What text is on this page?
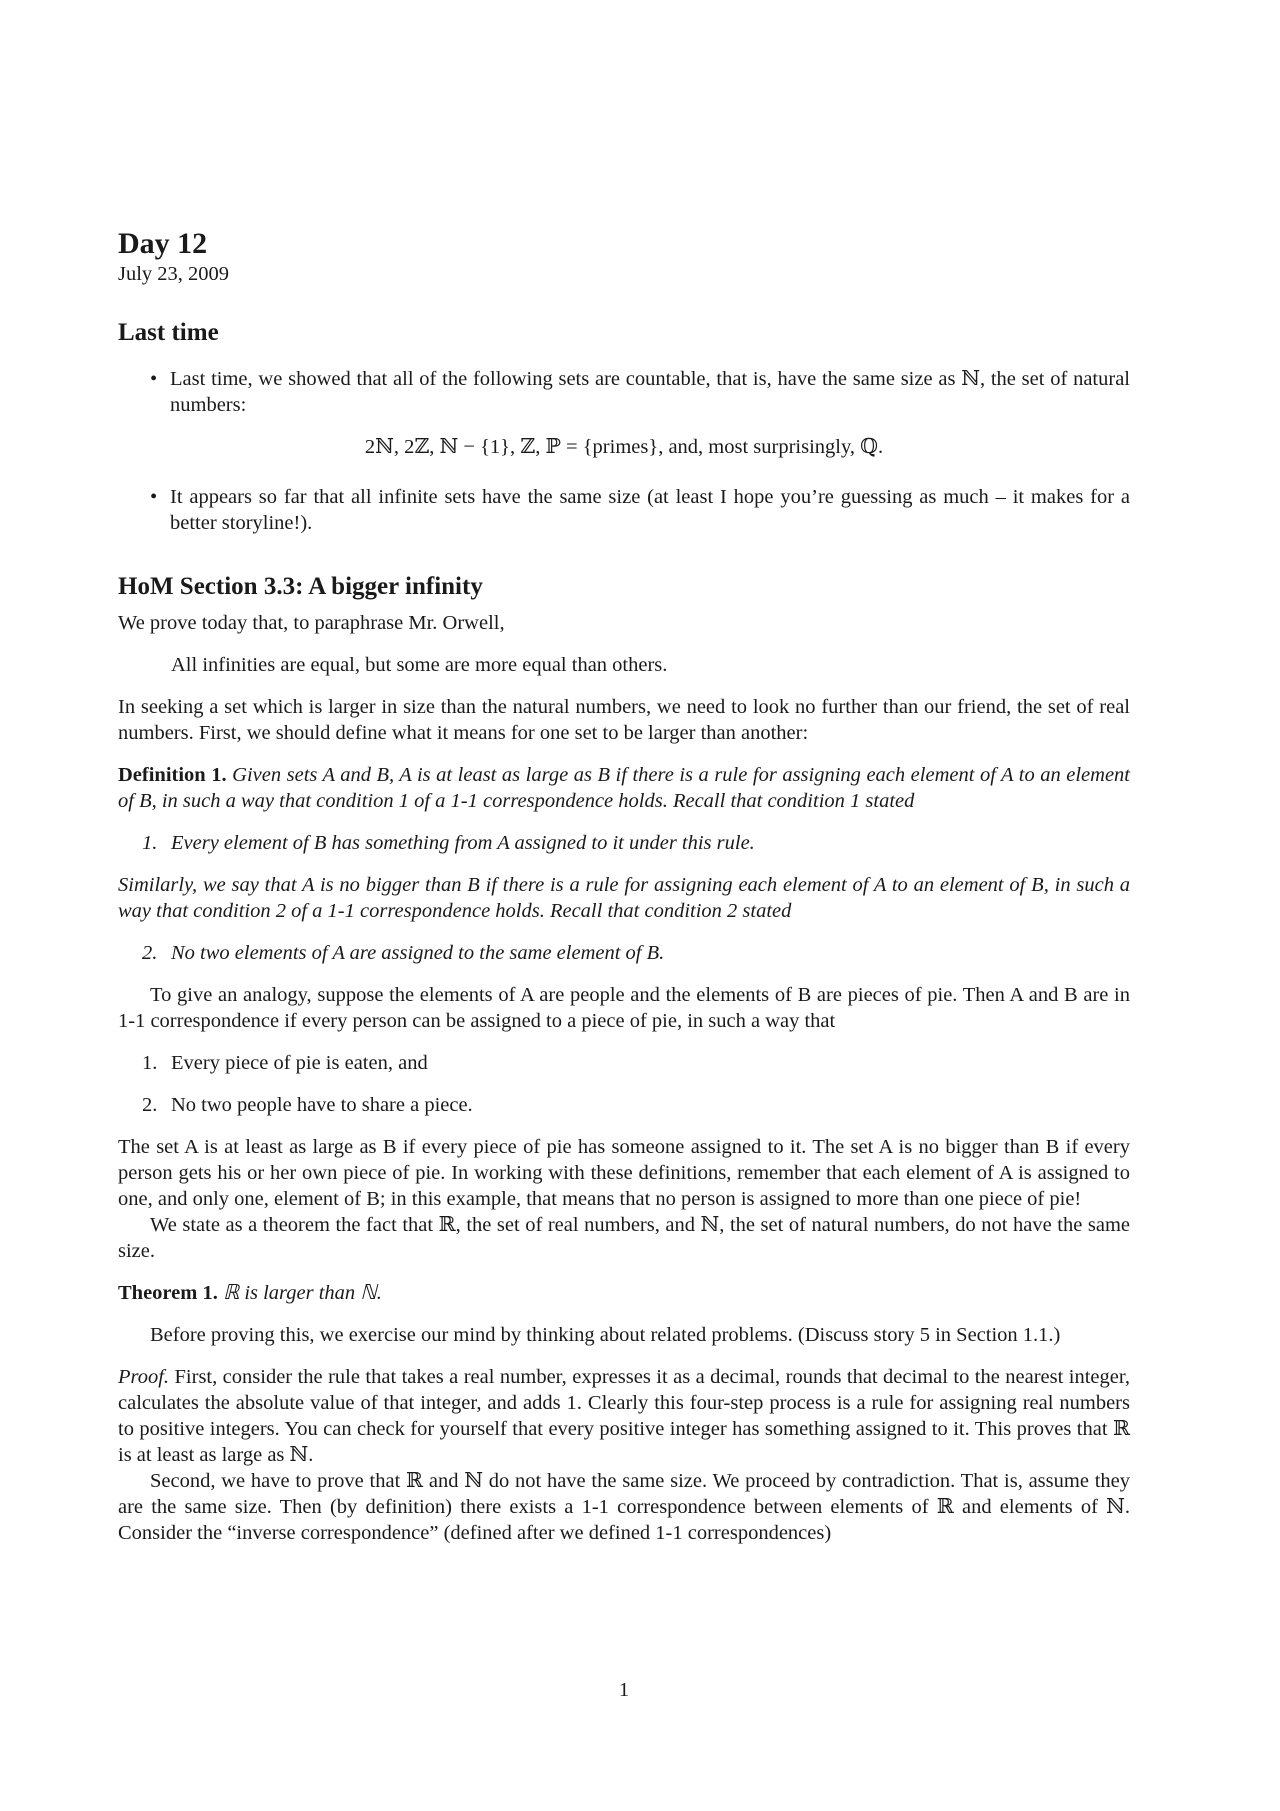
Day 12

July 23, 2009

Last time
• Last time, we showed that all of the following sets are countable, that is, have the same size as ℕ, the set of natural numbers:

2ℕ, 2ℤ, ℕ − {1}, ℤ, ℙ = {primes}, and, most surprisingly, ℚ.

• It appears so far that all infinite sets have the same size (at least I hope you’re guessing as much – it makes for a better storyline!).
HoM Section 3.3: A bigger infinity

We prove today that, to paraphrase Mr. Orwell,

All infinities are equal, but some are more equal than others.

In seeking a set which is larger in size than the natural numbers, we need to look no further than our friend, the set of real numbers. First, we should define what it means for one set to be larger than another:

Definition 1. Given sets A and B, A is at least as large as B if there is a rule for assigning each element of A to an element of B, in such a way that condition 1 of a 1-1 correspondence holds. Recall that condition 1 stated

1. Every element of B has something from A assigned to it under this rule.

Similarly, we say that A is no bigger than B if there is a rule for assigning each element of A to an element of B, in such a way that condition 2 of a 1-1 correspondence holds. Recall that condition 2 stated

2. No two elements of A are assigned to the same element of B.

To give an analogy, suppose the elements of A are people and the elements of B are pieces of pie. Then A and B are in 1-1 correspondence if every person can be assigned to a piece of pie, in such a way that

1. Every piece of pie is eaten, and

2. No two people have to share a piece.

The set A is at least as large as B if every piece of pie has someone assigned to it. The set A is no bigger than B if every person gets his or her own piece of pie. In working with these definitions, remember that each element of A is assigned to one, and only one, element of B; in this example, that means that no person is assigned to more than one piece of pie!

We state as a theorem the fact that ℝ, the set of real numbers, and ℕ, the set of natural numbers, do not have the same size.

Theorem 1. ℝ is larger than ℕ.

Before proving this, we exercise our mind by thinking about related problems. (Discuss story 5 in Section 1.1.)

Proof. First, consider the rule that takes a real number, expresses it as a decimal, rounds that decimal to the nearest integer, calculates the absolute value of that integer, and adds 1. Clearly this four-step process is a rule for assigning real numbers to positive integers. You can check for yourself that every positive integer has something assigned to it. This proves that ℝ is at least as large as ℕ.

Second, we have to prove that ℝ and ℕ do not have the same size. We proceed by contradiction. That is, assume they are the same size. Then (by definition) there exists a 1-1 correspondence between elements of ℝ and elements of ℕ. Consider the “inverse correspondence” (defined after we defined 1-1 correspondences)

1
